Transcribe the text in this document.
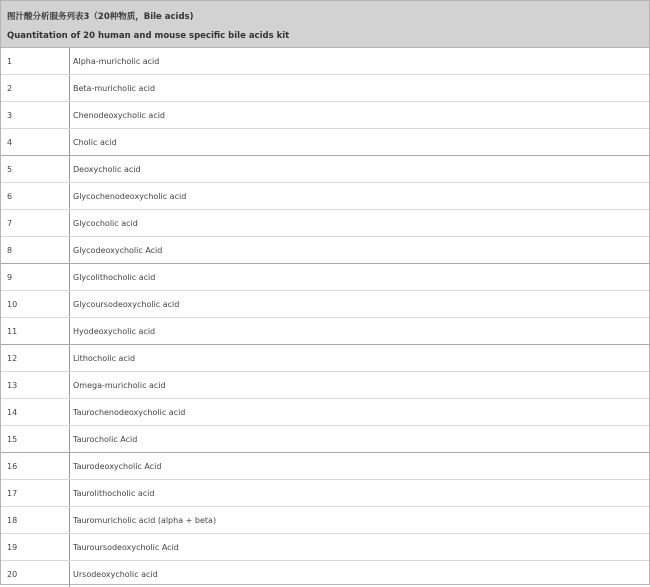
图汁酸分析服务列表3（20种物质，Bile acids)
Quantitation of 20 human and mouse specific bile acids kit
1	Alpha-muricholic acid
2	Beta-muricholic acid
3	Chenodeoxycholic acid
4	Cholic acid
5	Deoxycholic acid
6	Glycochenodeoxycholic acid
7	Glycocholic acid
8	Glycodeoxycholic Acid
9	Glycolithocholic acid
10	Glycoursodeoxycholic acid
11	Hyodeoxycholic acid
12	Lithocholic acid
13	Omega-muricholic acid
14	Taurochenodeoxycholic acid
15	Taurocholic Acid
16	Taurodeoxycholic Acid
17	Taurolithocholic acid
18	Tauromuricholic acid (alpha + beta)
19	Tauroursodeoxycholic Acid
20	Ursodeoxycholic acid
